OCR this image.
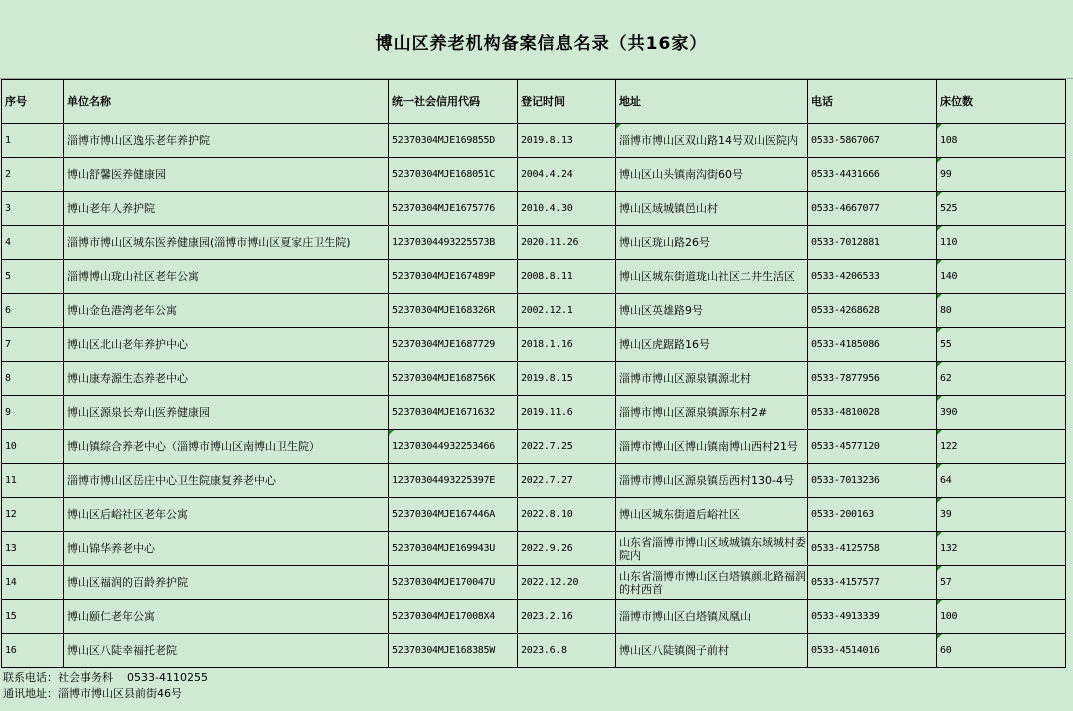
博山区养老机构备案信息名录（共16家）
序号	单位名称	统一社会信用代码	登记时间	地址	电话	床位数
1	淄博市博山区逸乐老年养护院	52370304MJE169855D	2019.8.13	淄博市博山区双山路14号双山医院内	0533-5867067	108
2	博山舒馨医养健康园	52370304MJE168051C	2004.4.24	博山区山头镇南沟街60号	0533-4431666	99
3	博山老年人养护院	52370304MJE1675776	2010.4.30	博山区域城镇邑山村	0533-4667077	525
4	淄博市博山区城东医养健康园(淄博市博山区夏家庄卫生院)	12370304493225573B	2020.11.26	博山区珑山路26号	0533-7012881	110
5	淄博博山珑山社区老年公寓	52370304MJE167489P	2008.8.11	博山区城东街道珑山社区二井生活区	0533-4206533	140
6	博山金色港湾老年公寓	52370304MJE168326R	2002.12.1	博山区英雄路9号	0533-4268628	80
7	博山区北山老年养护中心	52370304MJE1687729	2018.1.16	博山区虎踞路16号	0533-4185086	55
8	博山康寿源生态养老中心	52370304MJE168756K	2019.8.15	淄博市博山区源泉镇源北村	0533-7877956	62
9	博山区源泉长寿山医养健康园	52370304MJE1671632	2019.11.6	淄博市博山区源泉镇源东村2#	0533-4810028	390
10	博山镇综合养老中心（淄博市博山区南博山卫生院）	123703044932253466	2022.7.25	淄博市博山区博山镇南博山西村21号	0533-4577120	122
11	淄博市博山区岳庄中心卫生院康复养老中心	12370304493225397E	2022.7.27	淄博市博山区源泉镇岳西村130-4号	0533-7013236	64
12	博山区后峪社区老年公寓	52370304MJE167446A	2022.8.10	博山区城东街道后峪社区	0533-200163	39
13	博山锦华养老中心	52370304MJE169943U	2022.9.26	山东省淄博市博山区域城镇东域城村委院内	0533-4125758	132
14	博山区福润的百龄养护院	52370304MJE170047U	2022.12.20	山东省淄博市博山区白塔镇颜北路福润的村西首	0533-4157577	57
15	博山颐仁老年公寓	52370304MJE17008X4	2023.2.16	淄博市博山区白塔镇凤凰山	0533-4913339	100
16	博山区八陡幸福托老院	52370304MJE168385W	2023.6.8	博山区八陡镇阁子前村	0533-4514016	60
联系电话：社会事务科 0533-4110255
通讯地址：淄博市博山区县前街46号
